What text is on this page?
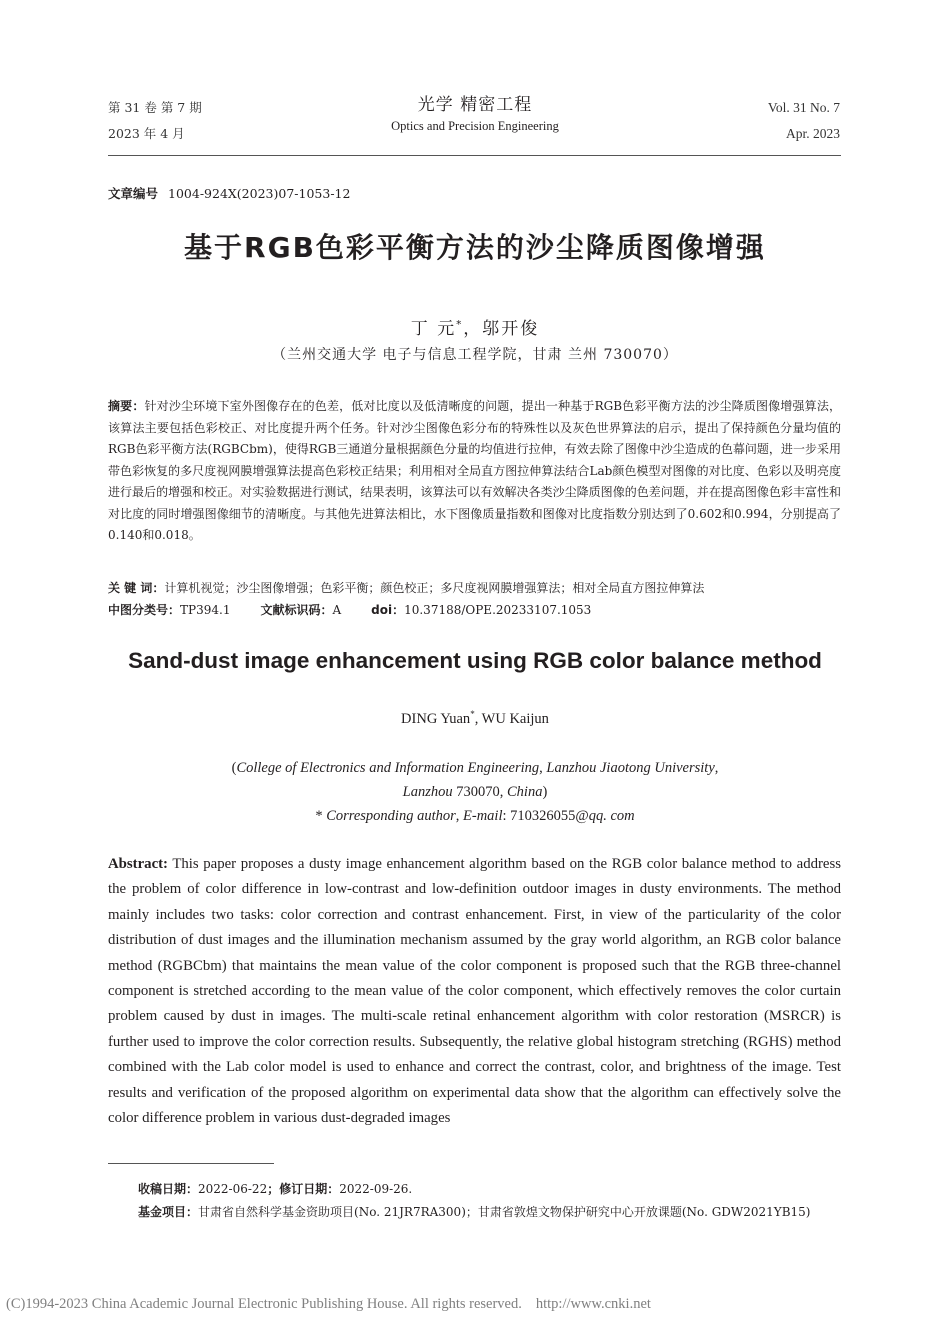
第 31 卷 第 7 期
2023 年 4 月
光学 精密工程
Optics and Precision Engineering
Vol. 31 No. 7
Apr. 2023
文章编号 1004-924X(2023)07-1053-12
基于RGB色彩平衡方法的沙尘降质图像增强
丁 元*，邬开俊
（兰州交通大学 电子与信息工程学院，甘肃 兰州 730070）
摘要：针对沙尘环境下室外图像存在的色差，低对比度以及低清晰度的问题，提出一种基于RGB色彩平衡方法的沙尘降质图像增强算法，该算法主要包括色彩校正、对比度提升两个任务。针对沙尘图像色彩分布的特殊性以及灰色世界算法的启示，提出了保持颜色分量均值的RGB色彩平衡方法(RGBCbm)，使得RGB三通道分量根据颜色分量的均值进行拉伸，有效去除了图像中沙尘造成的色幕问题，进一步采用带色彩恢复的多尺度视网膜增强算法提高色彩校正结果；利用相对全局直方图拉伸算法结合Lab颜色模型对图像的对比度、色彩以及明亮度进行最后的增强和校正。对实验数据进行测试，结果表明，该算法可以有效解决各类沙尘降质图像的色差问题，并在提高图像色彩丰富性和对比度的同时增强图像细节的清晰度。与其他先进算法相比，水下图像质量指数和图像对比度指数分别达到了0.602和0.994，分别提高了0.140和0.018。
关 键 词：计算机视觉；沙尘图像增强；色彩平衡；颜色校正；多尺度视网膜增强算法；相对全局直方图拉伸算法
中图分类号：TP394.1	文献标识码：A	doi：10.37188/OPE.20233107.1053
Sand-dust image enhancement using RGB color balance method
DING Yuan*, WU Kaijun
(College of Electronics and Information Engineering, Lanzhou Jiaotong University,
Lanzhou 730070, China)
* Corresponding author, E-mail: 710326055@qq. com
Abstract: This paper proposes a dusty image enhancement algorithm based on the RGB color balance method to address the problem of color difference in low-contrast and low-definition outdoor images in dusty environments. The method mainly includes two tasks: color correction and contrast enhancement. First, in view of the particularity of the color distribution of dust images and the illumination mechanism assumed by the gray world algorithm, an RGB color balance method (RGBCbm) that maintains the mean value of the color component is proposed such that the RGB three-channel component is stretched according to the mean value of the color component, which effectively removes the color curtain problem caused by dust in images. The multi-scale retinal enhancement algorithm with color restoration (MSRCR) is further used to improve the color correction results. Subsequently, the relative global histogram stretching (RGHS) method combined with the Lab color model is used to enhance and correct the contrast, color, and brightness of the image. Test results and verification of the proposed algorithm on experimental data show that the algorithm can effectively solve the color difference problem in various dust-degraded images
收稿日期：2022-06-22；修订日期：2022-09-26.
基金项目：甘肃省自然科学基金资助项目(No. 21JR7RA300)；甘肃省敦煌文物保护研究中心开放课题(No. GDW2021YB15)
(C)1994-2023 China Academic Journal Electronic Publishing House. All rights reserved. http://www.cnki.net
